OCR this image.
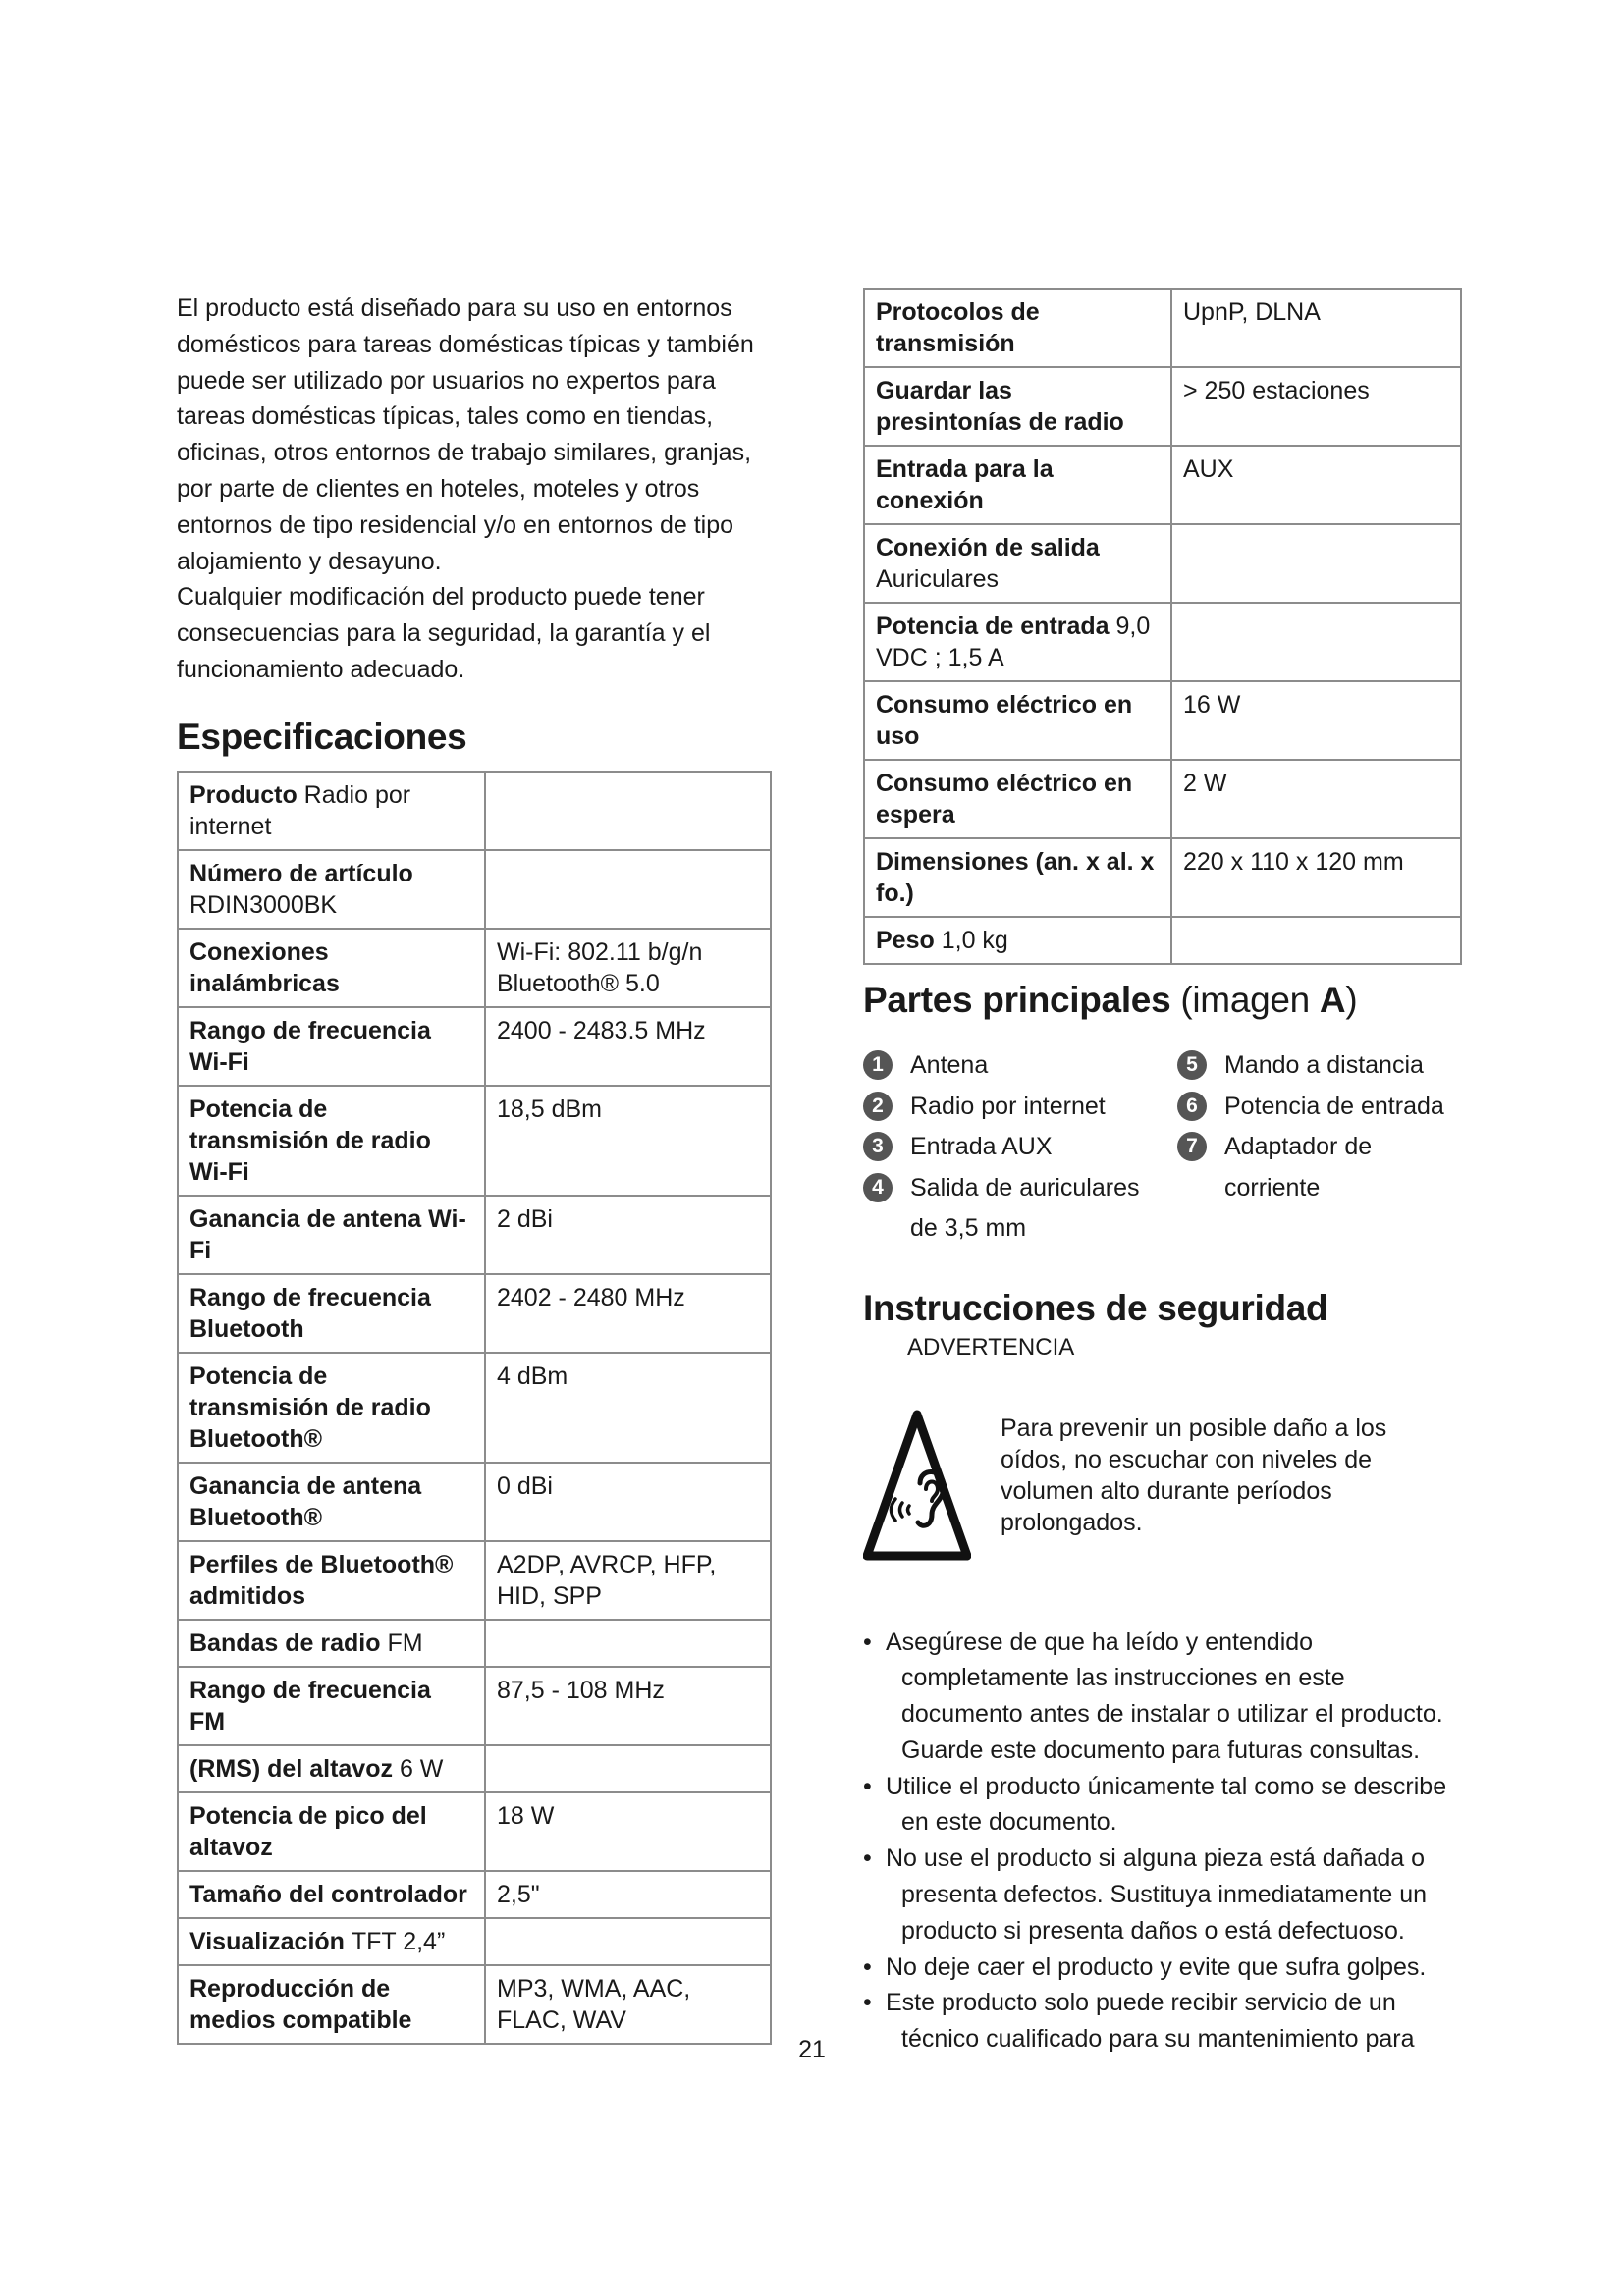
El producto está diseñado para su uso en entornos domésticos para tareas domésticas típicas y también puede ser utilizado por usuarios no expertos para tareas domésticas típicas, tales como en tiendas, oficinas, otros entornos de trabajo similares, granjas, por parte de clientes en hoteles, moteles y otros entornos de tipo residencial y/o en entornos de tipo alojamiento y desayuno.

Cualquier modificación del producto puede tener consecuencias para la seguridad, la garantía y el funcionamiento adecuado.

Especificaciones
Producto Radio por internet	
Número de artículo RDIN3000BK	
Conexiones inalámbricas	Wi-Fi: 802.11 b/g/n Bluetooth® 5.0
Rango de frecuencia Wi-Fi	2400 - 2483.5 MHz
Potencia de transmisión de radio Wi-Fi	18,5 dBm
Ganancia de antena Wi-Fi	2 dBi
Rango de frecuencia Bluetooth	2402 - 2480 MHz
Potencia de transmisión de radio Bluetooth®	4 dBm
Ganancia de antena Bluetooth®	0 dBi
Perfiles de Bluetooth® admitidos	A2DP, AVRCP, HFP, HID, SPP
Bandas de radio FM	
Rango de frecuencia FM	87,5 - 108 MHz
(RMS) del altavoz 6 W	
Potencia de pico del altavoz	18 W
Tamaño del controlador	2,5"
Visualización TFT 2,4”	
Reproducción de medios compatible	MP3, WMA, AAC, FLAC, WAV
Protocolos de transmisión	UpnP, DLNA
Guardar las presintonías de radio	> 250 estaciones
Entrada para la conexión	AUX
Conexión de salida Auriculares	
Potencia de entrada 9,0 VDC ; 1,5 A	
Consumo eléctrico en uso	16 W
Consumo eléctrico en espera	2 W
Dimensiones (an. x al. x fo.)	220 x 110 x 120 mm
Peso 1,0 kg	
Partes principales (imagen A)
1	Antena
2	Radio por internet
3	Entrada AUX
4	Salida de auriculares de 3,5 mm
5	Mando a distancia
6	Potencia de entrada
7	Adaptador de corriente
Instrucciones de seguridad
ADVERTENCIA
Para prevenir un posible daño a los oídos, no escuchar con niveles de volumen alto durante períodos prolongados.
• Asegúrese de que ha leído y entendido completamente las instrucciones en este documento antes de instalar o utilizar el producto. Guarde este documento para futuras consultas.
• Utilice el producto únicamente tal como se describe en este documento.
• No use el producto si alguna pieza está dañada o presenta defectos. Sustituya inmediatamente un producto si presenta daños o está defectuoso.
• No deje caer el producto y evite que sufra golpes.
• Este producto solo puede recibir servicio de un técnico cualificado para su mantenimiento para
21
